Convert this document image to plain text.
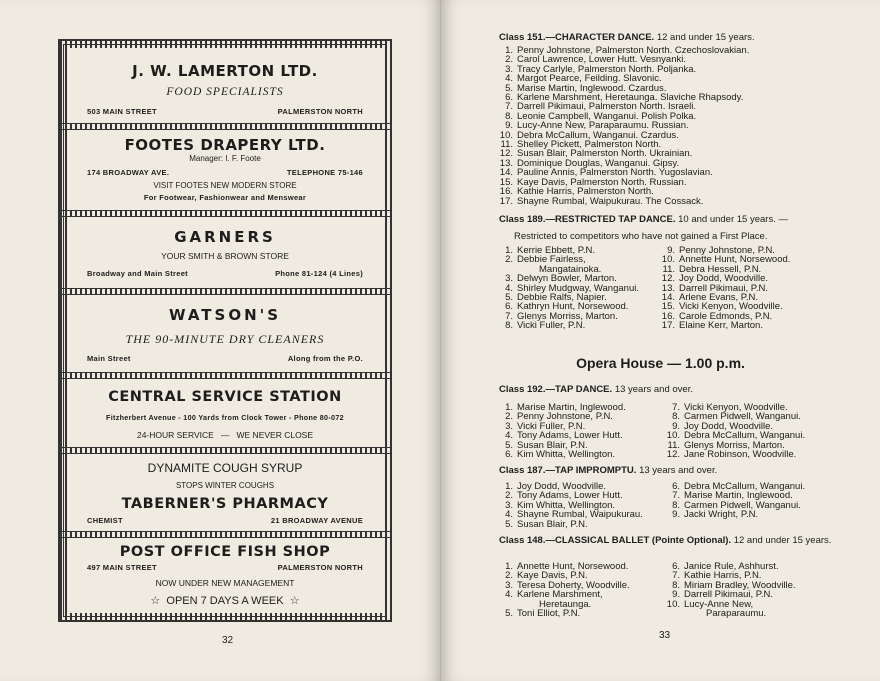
J. W. LAMERTON LTD.
FOOD SPECIALISTS
503 MAIN STREET	PALMERSTON NORTH
FOOTES DRAPERY LTD.
Manager: I. F. Foote
174 BROADWAY AVE.	TELEPHONE 75-146
VISIT FOOTES NEW MODERN STORE
For Footwear, Fashionwear and Menswear
GARNERS
YOUR SMITH & BROWN STORE
Broadway and Main Street	Phone 81-124 (4 Lines)
WATSON'S
THE 90-MINUTE DRY CLEANERS
Main Street	Along from the P.O.
CENTRAL SERVICE STATION
Fitzherbert Avenue - 100 Yards from Clock Tower - Phone 80-072
24-HOUR SERVICE — WE NEVER CLOSE
DYNAMITE COUGH SYRUP
STOPS WINTER COUGHS
TABERNER'S PHARMACY
CHEMIST	21 BROADWAY AVENUE
POST OFFICE FISH SHOP
497 MAIN STREET	PALMERSTON NORTH
NOW UNDER NEW MANAGEMENT
☆ OPEN 7 DAYS A WEEK ☆
32
Class 151.—CHARACTER DANCE. 12 and under 15 years.
1. Penny Johnstone, Palmerston North. Czechoslovakian.
2. Carol Lawrence, Lower Hutt. Vesnyanki.
3. Tracy Carlyle, Palmerston North. Poljanka.
4. Margot Pearce, Feilding. Slavonic.
5. Marise Martin, Inglewood. Czardus.
6. Karlene Marshment, Heretaunga. Slaviche Rhapsody.
7. Darrell Pikimaui, Palmerston North. Israeli.
8. Leonie Campbell, Wanganui. Polish Polka.
9. Lucy-Anne New, Paraparaumu. Russian.
10. Debra McCallum, Wanganui. Czardus.
11. Shelley Pickett, Palmerston North.
12. Susan Blair, Palmerston North. Ukrainian.
13. Dominique Douglas, Wanganui. Gipsy.
14. Pauline Annis, Palmerston North. Yugoslavian.
15. Kaye Davis, Palmerston North. Russian.
16. Kathie Harris, Palmerston North.
17. Shayne Rumbal, Waipukurau. The Cossack.
Class 189.—RESTRICTED TAP DANCE. 10 and under 15 years. —
Restricted to competitors who have not gained a First Place.
1. Kerrie Ebbett, P.N.
2. Debbie Fairless,
Mangatainoka.
3. Delwyn Bowler, Marton.
4. Shirley Mudgway, Wanganui.
5. Debbie Ralfs, Napier.
6. Kathryn Hunt, Norsewood.
7. Glenys Morriss, Marton.
8. Vicki Fuller, P.N.
9. Penny Johnstone, P.N.
10. Annette Hunt, Norsewood.
11. Debra Hessell, P.N.
12. Joy Dodd, Woodville.
13. Darrell Pikimaui, P.N.
14. Arlene Evans, P.N.
15. Vicki Kenyon, Woodville.
16. Carole Edmonds, P.N.
17. Elaine Kerr, Marton.
Opera House — 1.00 p.m.
Class 192.—TAP DANCE. 13 years and over.
1. Marise Martin, Inglewood.
2. Penny Johnstone, P.N.
3. Vicki Fuller, P.N.
4. Tony Adams, Lower Hutt.
5. Susan Blair, P.N.
6. Kim Whitta, Wellington.
7. Vicki Kenyon, Woodville.
8. Carmen Pidwell, Wanganui.
9. Joy Dodd, Woodville.
10. Debra McCallum, Wanganui.
11. Glenys Morriss, Marton.
12. Jane Robinson, Woodville.
Class 187.—TAP IMPROMPTU. 13 years and over.
1. Joy Dodd, Woodville.
2. Tony Adams, Lower Hutt.
3. Kim Whitta, Wellington.
4. Shayne Rumbal, Waipukurau.
5. Susan Blair, P.N.
6. Debra McCallum, Wanganui.
7. Marise Martin, Inglewood.
8. Carmen Pidwell, Wanganui.
9. Jacki Wright, P.N.
Class 148.—CLASSICAL BALLET (Pointe Optional). 12 and under 15 years.
1. Annette Hunt, Norsewood.
2. Kaye Davis, P.N.
3. Teresa Doherty, Woodville.
4. Karlene Marshment,
Heretaunga.
5. Toni Elliot, P.N.
6. Janice Rule, Ashhurst.
7. Kathie Harris, P.N.
8. Miriam Bradley, Woodville.
9. Darrell Pikimaui, P.N.
10. Lucy-Anne New,
Paraparaumu.
33
